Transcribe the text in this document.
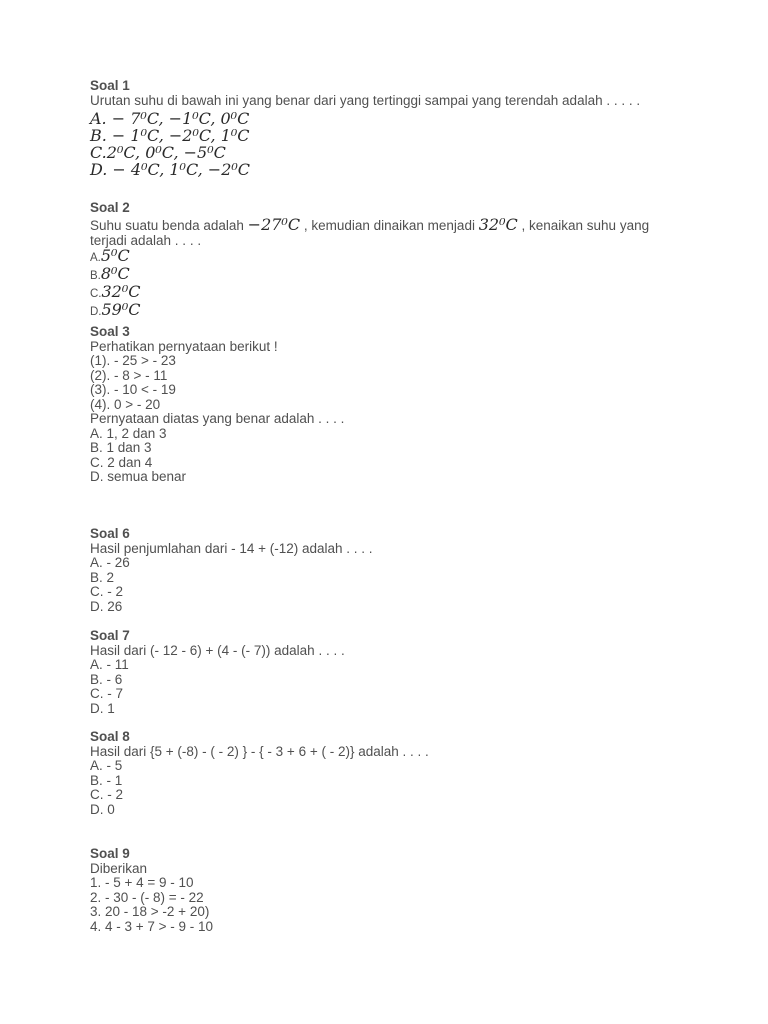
Soal 1
Urutan suhu di bawah ini yang benar dari yang tertinggi sampai yang terendah adalah . . . . .
A. − 7⁰C, −1⁰C, 0⁰C
B. − 1⁰C, −2⁰C, 1⁰C
C.2⁰C, 0⁰C, −5⁰C
D. − 4⁰C, 1⁰C, −2⁰C
Soal 2
Suhu suatu benda adalah −27⁰C , kemudian dinaikan menjadi 32⁰C , kenaikan suhu yang
terjadi adalah . . . .
A.5⁰C
B.8⁰C
C.32⁰C
D.59⁰C
Soal 3
Perhatikan pernyataan berikut !
(1). - 25 > - 23
(2). - 8 > - 11
(3). - 10 < - 19
(4). 0 > - 20
Pernyataan diatas yang benar adalah . . . .
A. 1, 2 dan 3
B. 1 dan 3
C. 2 dan 4
D. semua benar
Soal 6
Hasil penjumlahan dari - 14 + (-12) adalah . . . .
A. - 26
B. 2
C. - 2
D. 26
Soal 7
Hasil dari (- 12 - 6) + (4 - (- 7)) adalah . . . .
A. - 11
B. - 6
C. - 7
D. 1
Soal 8
Hasil dari {5 + (-8) - ( - 2) } - { - 3 + 6 + ( - 2)} adalah . . . .
A. - 5
B. - 1
C. - 2
D. 0
Soal 9
Diberikan
1. - 5 + 4 = 9 - 10
2. - 30 - (- 8) = - 22
3. 20 - 18 > -2 + 20)
4. 4 - 3 + 7 > - 9 - 10
